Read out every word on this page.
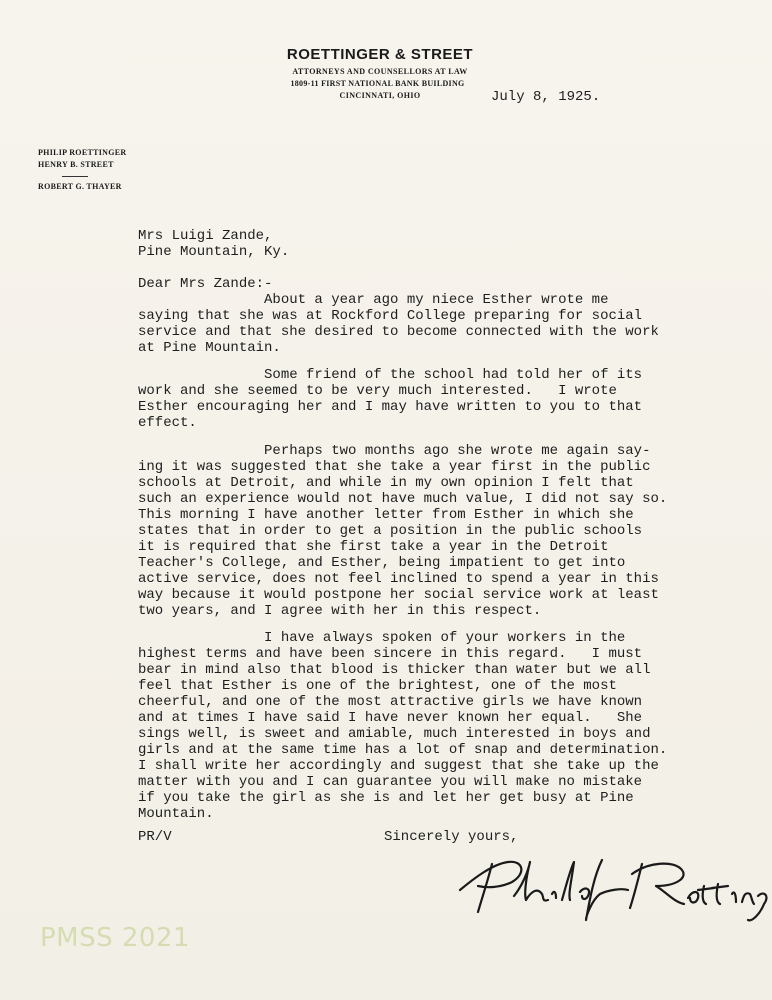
ROETTINGER & STREET
ATTORNEYS AND COUNSELLORS AT LAW
1809-11 FIRST NATIONAL BANK BUILDING
CINCINNATI, OHIO
PHILIP ROETTINGER
HENRY B. STREET
ROBERT G. THAYER
July 8, 1925.
Mrs Luigi Zande,
Pine Mountain, Ky.
Dear Mrs Zande:-
About a year ago my niece Esther wrote me
saying that she was at Rockford College preparing for social
service and that she desired to become connected with the work
at Pine Mountain.
Some friend of the school had told her of its
work and she seemed to be very much interested.   I wrote
Esther encouraging her and I may have written to you to that
effect.
Perhaps two months ago she wrote me again say-
ing it was suggested that she take a year first in the public
schools at Detroit, and while in my own opinion I felt that
such an experience would not have much value, I did not say so.
This morning I have another letter from Esther in which she
states that in order to get a position in the public schools
it is required that she first take a year in the Detroit
Teacher's College, and Esther, being impatient to get into
active service, does not feel inclined to spend a year in this
way because it would postpone her social service work at least
two years, and I agree with her in this respect.
I have always spoken of your workers in the
highest terms and have been sincere in this regard.   I must
bear in mind also that blood is thicker than water but we all
feel that Esther is one of the brightest, one of the most
cheerful, and one of the most attractive girls we have known
and at times I have said I have never known her equal.   She
sings well, is sweet and amiable, much interested in boys and
girls and at the same time has a lot of snap and determination.
I shall write her accordingly and suggest that she take up the
matter with you and I can guarantee you will make no mistake
if you take the girl as she is and let her get busy at Pine
Mountain.
PR/V	Sincerely yours,
PMSS 2021
